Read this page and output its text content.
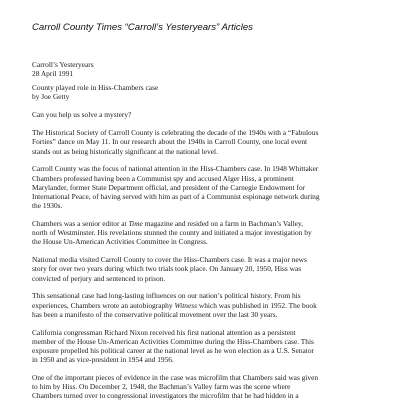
Carroll County Times “Carroll’s Yesteryears” Articles

Carroll’s Yesteryears
28 April 1991

County played role in Hiss-Chambers case
by Joe Getty

Can you help us solve a mystery?

The Historical Society of Carroll County is celebrating the decade of the 1940s with a “Fabulous
Forties” dance on May 11. In our research about the 1940s in Carroll County, one local event
stands out as being historically significant at the national level.

Carroll County was the focus of national attention in the Hiss-Chambers case. In 1948 Whittaker
Chambers professed having been a Communist spy and accused Alger Hiss, a prominent
Marylander, former State Department official, and president of the Carnegie Endowment for
International Peace, of having served with him as part of a Communist espionage network during
the 1930s.

Chambers was a senior editor at Time magazine and resided on a farm in Bachman’s Valley,
north of Westminster. His revelations stunned the county and initiated a major investigation by
the House Un-American Activities Committee in Congress.

National media visited Carroll County to cover the Hiss-Chambers case. It was a major news
story for over two years during which two trials took place. On January 20, 1950, Hiss was
convicted of perjury and sentenced to prison.

This sensational case had long-lasting influences on our nation’s political history. From his
experiences, Chambers wrote an autobiography Witness which was published in 1952. The book
has been a manifesto of the conservative political movement over the last 30 years.

California congressman Richard Nixon received his first national attention as a persistent
member of the House Un-American Activities Committee during the Hiss-Chambers case. This
exposure propelled his political career at the national level as he won election as a U.S. Senator
in 1950 and as vice-president in 1954 and 1956.

One of the important pieces of evidence in the case was microfilm that Chambers said was given
to him by Hiss. On December 2, 1948, the Bachman’s Valley farm was the scene where
Chambers turned over to congressional investigators the microfilm that he had hidden in a
